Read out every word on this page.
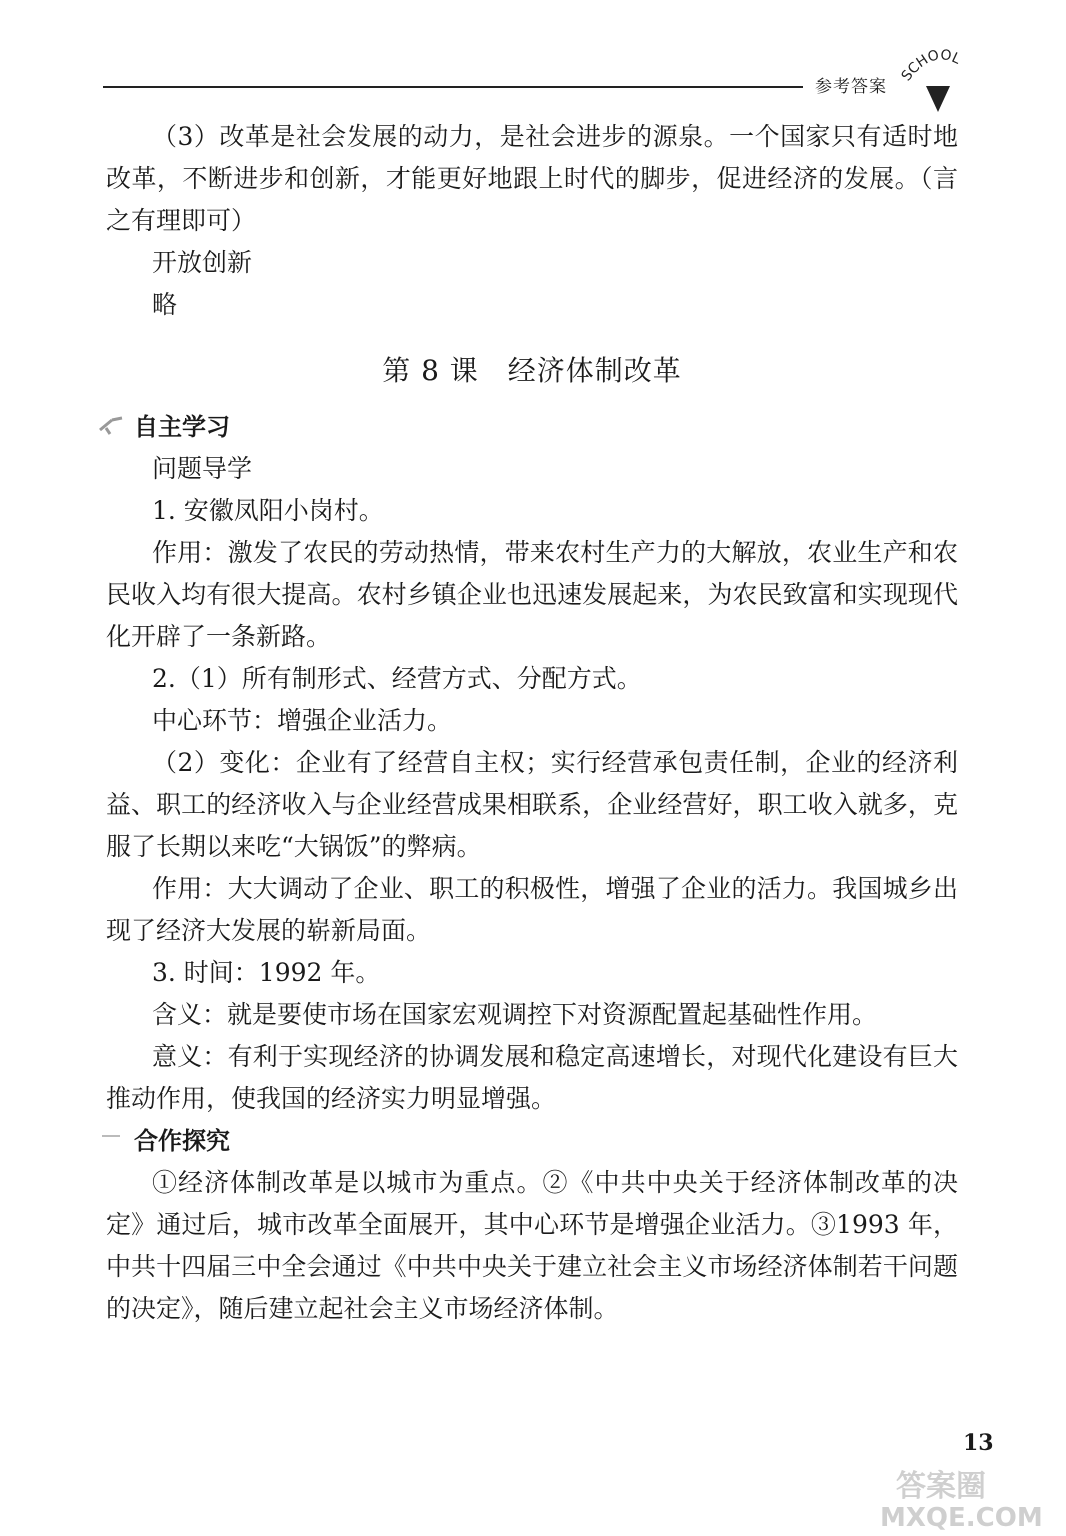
参考答案
SCHOOL

（3）改革是社会发展的动力，是社会进步的源泉。一个国家只有适时地改革，不断进步和创新，才能更好地跟上时代的脚步，促进经济的发展。（言之有理即可）

开放创新

略

第 8 课　经济体制改革
自主学习

问题导学

1. 安徽凤阳小岗村。

作用：激发了农民的劳动热情，带来农村生产力的大解放，农业生产和农民收入均有很大提高。农村乡镇企业也迅速发展起来，为农民致富和实现现代化开辟了一条新路。

2.（1）所有制形式、经营方式、分配方式。

中心环节：增强企业活力。

（2）变化：企业有了经营自主权；实行经营承包责任制，企业的经济利益、职工的经济收入与企业经营成果相联系，企业经营好，职工收入就多，克服了长期以来吃“大锅饭”的弊病。

作用：大大调动了企业、职工的积极性，增强了企业的活力。我国城乡出现了经济大发展的崭新局面。

3. 时间：1992 年。

含义：就是要使市场在国家宏观调控下对资源配置起基础性作用。

意义：有利于实现经济的协调发展和稳定高速增长，对现代化建设有巨大推动作用，使我国的经济实力明显增强。

合作探究

①经济体制改革是以城市为重点。②《中共中央关于经济体制改革的决定》通过后，城市改革全面展开，其中心环节是增强企业活力。③1993 年，中共十四届三中全会通过《中共中央关于建立社会主义市场经济体制若干问题的决定》，随后建立起社会主义市场经济体制。

13
答案圈
MXQE.COM
